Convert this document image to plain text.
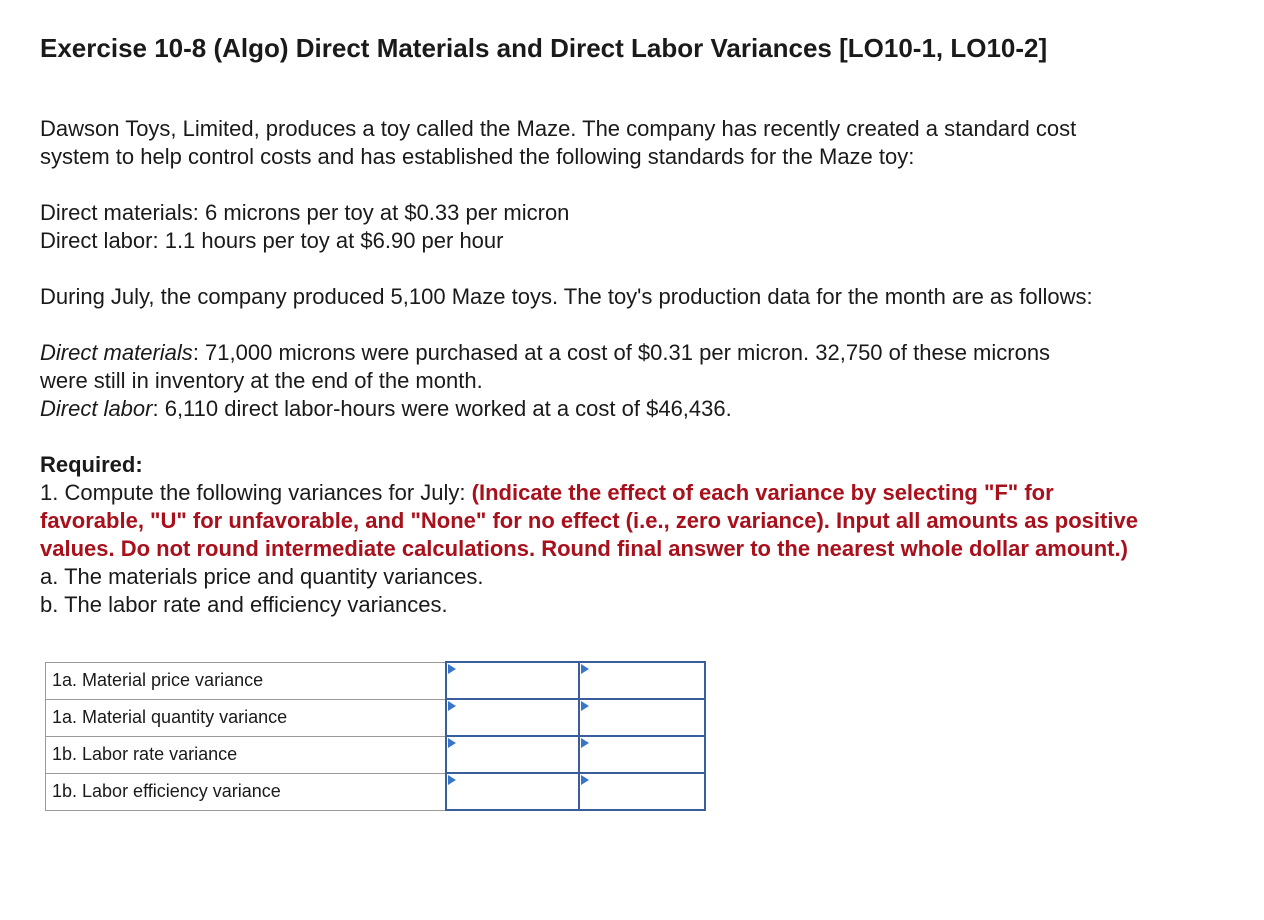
Exercise 10-8 (Algo) Direct Materials and Direct Labor Variances [LO10-1, LO10-2]

Dawson Toys, Limited, produces a toy called the Maze. The company has recently created a standard cost
system to help control costs and has established the following standards for the Maze toy:

Direct materials: 6 microns per toy at $0.33 per micron
Direct labor: 1.1 hours per toy at $6.90 per hour

During July, the company produced 5,100 Maze toys. The toy's production data for the month are as follows:

Direct materials: 71,000 microns were purchased at a cost of $0.31 per micron. 32,750 of these microns
were still in inventory at the end of the month.
Direct labor: 6,110 direct labor-hours were worked at a cost of $46,436.

Required:
1. Compute the following variances for July: (Indicate the effect of each variance by selecting "F" for
favorable, "U" for unfavorable, and "None" for no effect (i.e., zero variance). Input all amounts as positive
values. Do not round intermediate calculations. Round final answer to the nearest whole dollar amount.)
a. The materials price and quantity variances.
b. The labor rate and efficiency variances.

1a. Material price variance	

1a. Material quantity variance	

1b. Labor rate variance	

1b. Labor efficiency variance	
